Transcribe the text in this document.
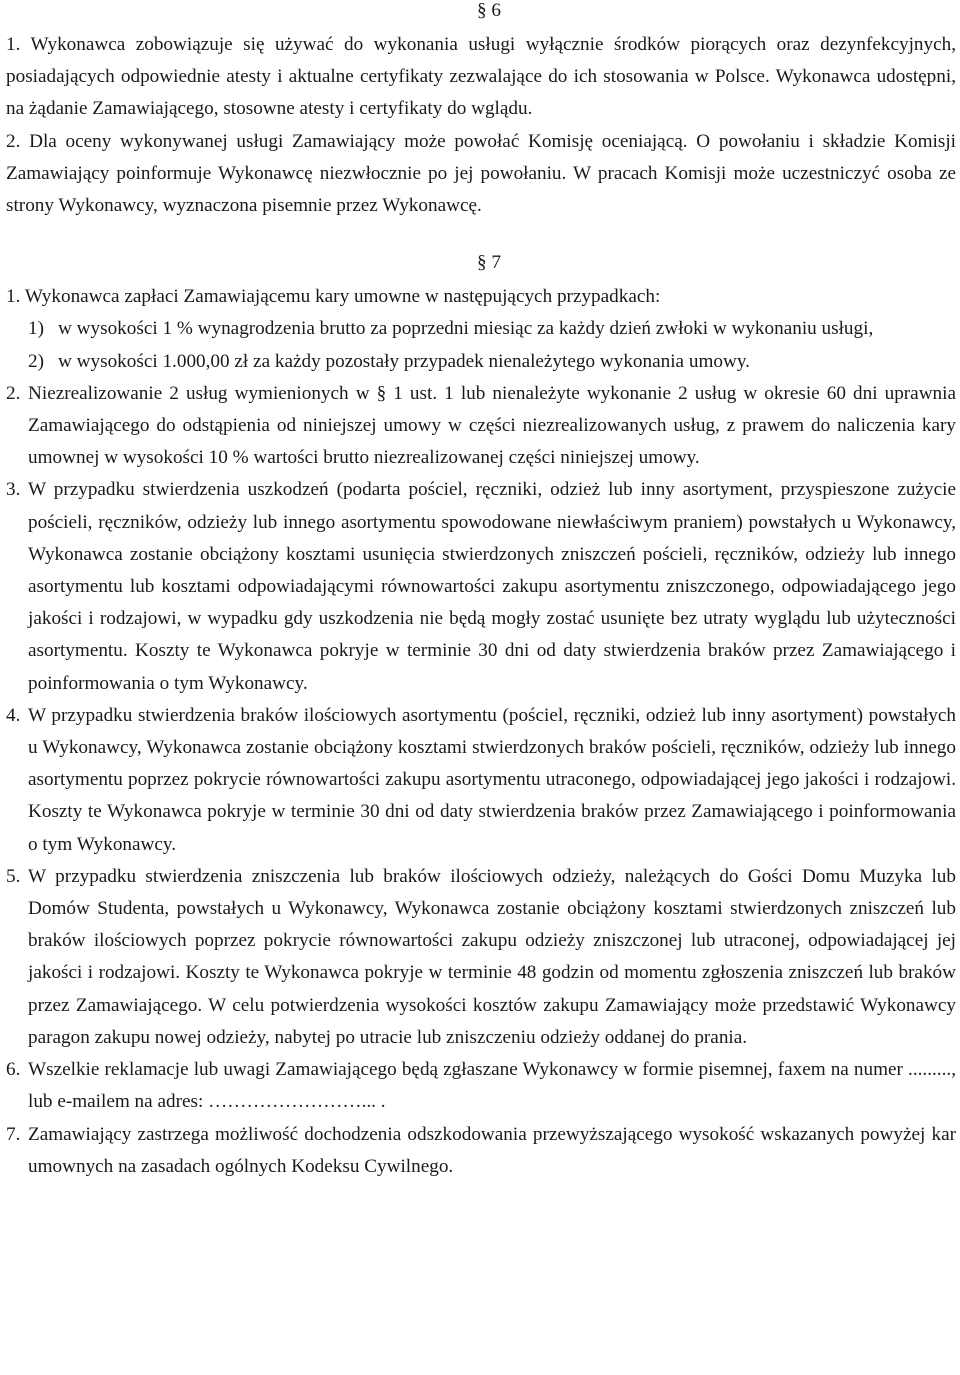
§ 6

1. Wykonawca zobowiązuje się używać do wykonania usługi wyłącznie środków piorących oraz dezynfekcyjnych, posiadających odpowiednie atesty i aktualne certyfikaty zezwalające do ich stosowania w Polsce. Wykonawca udostępni, na żądanie Zamawiającego, stosowne atesty i certyfikaty do wglądu.

2. Dla oceny wykonywanej usługi Zamawiający może powołać Komisję oceniającą. O powołaniu i składzie Komisji Zamawiający poinformuje Wykonawcę niezwłocznie po jej powołaniu. W pracach Komisji może uczestniczyć osoba ze strony Wykonawcy, wyznaczona pisemnie przez Wykonawcę.

§ 7

1. Wykonawca zapłaci Zamawiającemu kary umowne w następujących przypadkach:

1) w wysokości 1 % wynagrodzenia brutto za poprzedni miesiąc za każdy dzień zwłoki w wykonaniu usługi,
2) w wysokości 1.000,00 zł za każdy pozostały przypadek nienależytego wykonania umowy.
2. Niezrealizowanie 2 usług wymienionych w § 1 ust. 1 lub nienależyte wykonanie 2 usług w okresie 60 dni uprawnia Zamawiającego do odstąpienia od niniejszej umowy w części niezrealizowanych usług, z prawem do naliczenia kary umownej w wysokości 10 % wartości brutto niezrealizowanej części niniejszej umowy.
3. W przypadku stwierdzenia uszkodzeń (podarta pościel, ręczniki, odzież lub inny asortyment, przyspieszone zużycie pościeli, ręczników, odzieży lub innego asortymentu spowodowane niewłaściwym praniem) powstałych u Wykonawcy, Wykonawca zostanie obciążony kosztami usunięcia stwierdzonych zniszczeń pościeli, ręczników, odzieży lub innego asortymentu lub kosztami odpowiadającymi równowartości zakupu asortymentu zniszczonego, odpowiadającego jego jakości i rodzajowi, w wypadku gdy uszkodzenia nie będą mogły zostać usunięte bez utraty wyglądu lub użyteczności asortymentu. Koszty te Wykonawca pokryje w terminie 30 dni od daty stwierdzenia braków przez Zamawiającego i poinformowania o tym Wykonawcy.
4. W przypadku stwierdzenia braków ilościowych asortymentu (pościel, ręczniki, odzież lub inny asortyment) powstałych u Wykonawcy, Wykonawca zostanie obciążony kosztami stwierdzonych braków pościeli, ręczników, odzieży lub innego asortymentu poprzez pokrycie równowartości zakupu asortymentu utraconego, odpowiadającej jego jakości i rodzajowi. Koszty te Wykonawca pokryje w terminie 30 dni od daty stwierdzenia braków przez Zamawiającego i poinformowania o tym Wykonawcy.
5. W przypadku stwierdzenia zniszczenia lub braków ilościowych odzieży, należących do Gości Domu Muzyka lub Domów Studenta, powstałych u Wykonawcy, Wykonawca zostanie obciążony kosztami stwierdzonych zniszczeń lub braków ilościowych poprzez pokrycie równowartości zakupu odzieży zniszczonej lub utraconej, odpowiadającej jej jakości i rodzajowi. Koszty te Wykonawca pokryje w terminie 48 godzin od momentu zgłoszenia zniszczeń lub braków przez Zamawiającego. W celu potwierdzenia wysokości kosztów zakupu Zamawiający może przedstawić Wykonawcy paragon zakupu nowej odzieży, nabytej po utracie lub zniszczeniu odzieży oddanej do prania.
6. Wszelkie reklamacje lub uwagi Zamawiającego będą zgłaszane Wykonawcy w formie pisemnej, faxem na numer ........., lub e-mailem na adres: ……………………... .
7. Zamawiający zastrzega możliwość dochodzenia odszkodowania przewyższającego wysokość wskazanych powyżej kar umownych na zasadach ogólnych Kodeksu Cywilnego.
